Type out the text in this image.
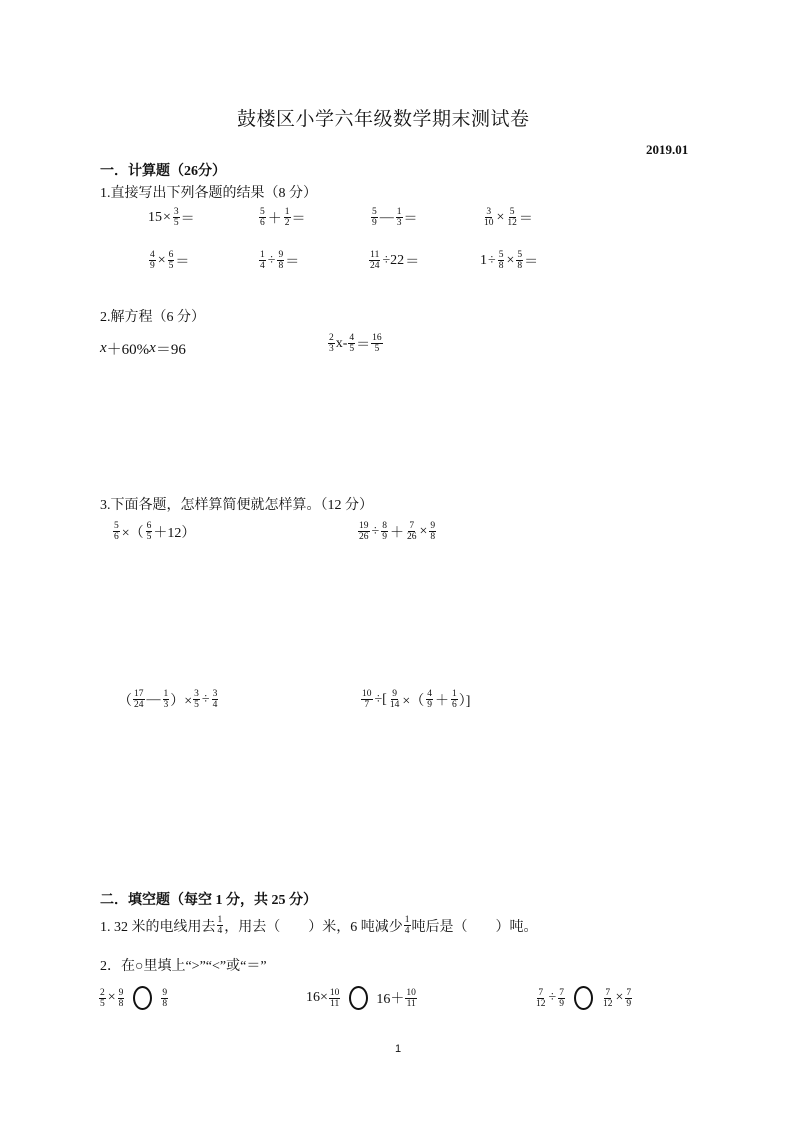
鼓楼区小学六年级数学期末测试卷
2019.01
一．计算题（26分）
1.直接写出下列各题的结果（8 分）
$15 \times \frac{3}{5}$ ＝	$\frac{5}{6} + \frac{1}{2}$ ＝	$\frac{5}{9}$ — $\frac{1}{3}$ ＝	$\frac{3}{10} \times \frac{5}{12}$ ＝
$\frac{4}{9} \times \frac{6}{5}$ ＝	$\frac{1}{4} \div \frac{9}{8}$ ＝	$\frac{11}{24} \div 22$ ＝	$1 \div \frac{5}{8} \times \frac{5}{8}$ ＝
2.解方程（6 分）
x ＋60% x ＝96	$\frac{2}{3} x- \frac{4}{5} = \frac{16}{5}$
3.下面各题，怎样算简便就怎样算。（12 分）
$\frac{5}{6}$ ×（ $\frac{6}{5} +12$）	$\frac{19}{26} \div \frac{8}{9} + \frac{7}{26} \times \frac{9}{8}$
（ $\frac{17}{24}$ — $\frac{1}{3}$ ）× $\frac{3}{5} \div \frac{3}{4}$	$\frac{10}{7}$ ÷[ $\frac{9}{14}$ ×（ $\frac{4}{9} + \frac{1}{6}$ ）]
二．填空题（每空 1 分，共 25 分）
1. 32 米的电线用去 $\frac{1}{4}$ ，用去（　　）米，6 吨减少 $\frac{1}{4}$ 吨后是（　　）吨。
2．在○里填上“>”“<”或“＝”
$\frac{2}{5} \times \frac{9}{8}$	$\frac{9}{8}$	$16\times \frac{10}{11}$	$16+ \frac{10}{11}$	$\frac{7}{12} \div \frac{7}{9}$	$\frac{7}{12} \times \frac{7}{9}$
1
